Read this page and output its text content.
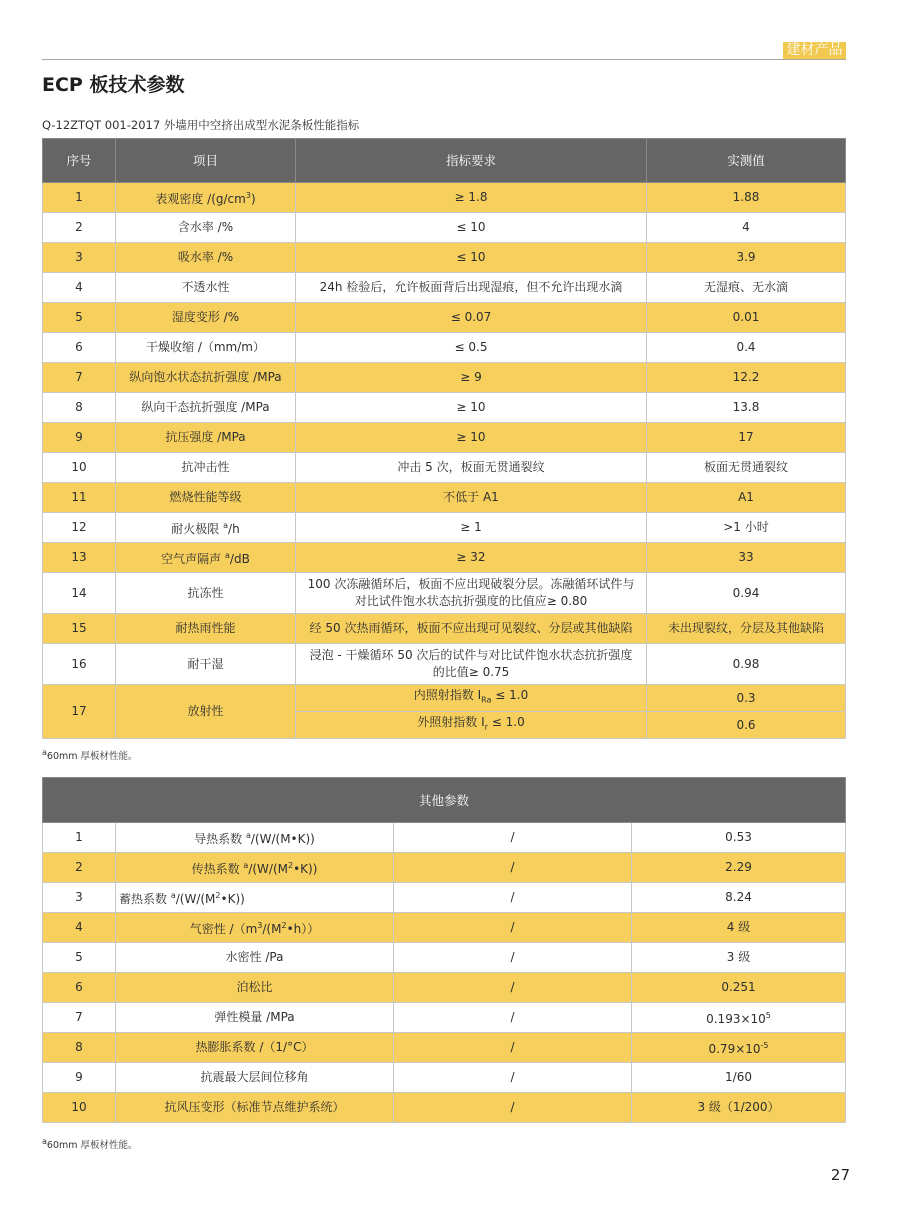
建材产品
ECP 板技术参数

Q-12ZTQT 001-2017 外墙用中空挤出成型水泥条板性能指标

序号	项目	指标要求	实测值
1	表观密度 $/(g/cm^3)$	≥ 1.8	1.88
2	含水率 /%	≤ 10	4
3	吸水率 /%	≤ 10	3.9
4	不透水性	24h 检验后，允许板面背后出现湿痕，但不允许出现水滴	无湿痕、无水滴
5	湿度变形 /%	≤ 0.07	0.01
6	干燥收缩 /（mm/m）	≤ 0.5	0.4
7	纵向饱水状态抗折强度 /MPa	≥ 9	12.2
8	纵向干态抗折强度 /MPa	≥ 10	13.8
9	抗压强度 /MPa	≥ 10	17
10	抗冲击性	冲击 5 次，板面无贯通裂纹	板面无贯通裂纹
11	燃烧性能等级	不低于 A1	A1
12	耐火极限 $^a$/h	≥ 1	>1 小时
13	空气声隔声 $^a$/dB	≥ 32	33
14	抗冻性	100 次冻融循环后，板面不应出现破裂分层。冻融循环试件与
对比试件饱水状态抗折强度的比值应≥ 0.80	0.94
15	耐热雨性能	经 50 次热雨循环，板面不应出现可见裂纹、分层或其他缺陷	未出现裂纹，分层及其他缺陷
16	耐干湿	浸泡 - 干燥循环 50 次后的试件与对比试件饱水状态抗折强度
的比值≥ 0.75	0.98
17	放射性	内照射指数 $I_{Ra} \le 1.0$	0.3
		外照射指数 $I_r \le 1.0$	0.6

$^a$60mm 厚板材性能。

其他参数			
1	导热系数 $^a$/(W/(M•K))	/	0.53
2	传热系数 $^a/(W/(M^2•K))$	/	2.29
3	蓄热系数 $^a/(W/(M^2•K))$	/	8.24
4	气密性 $/(m^3/(M^2•h))$	/	4 级
5	水密性 /Pa	/	3 级
6	泊松比	/	0.251
7	弹性模量 /MPa	/	$0.193\times 10^5$
8	热膨胀系数 /（1/°C）	/	$0.79\times 10^{-5}$
9	抗震最大层间位移角	/	1/60
10	抗风压变形（标准节点维护系统）	/	3 级（1/200）

$^a$60mm 厚板材性能。

27
